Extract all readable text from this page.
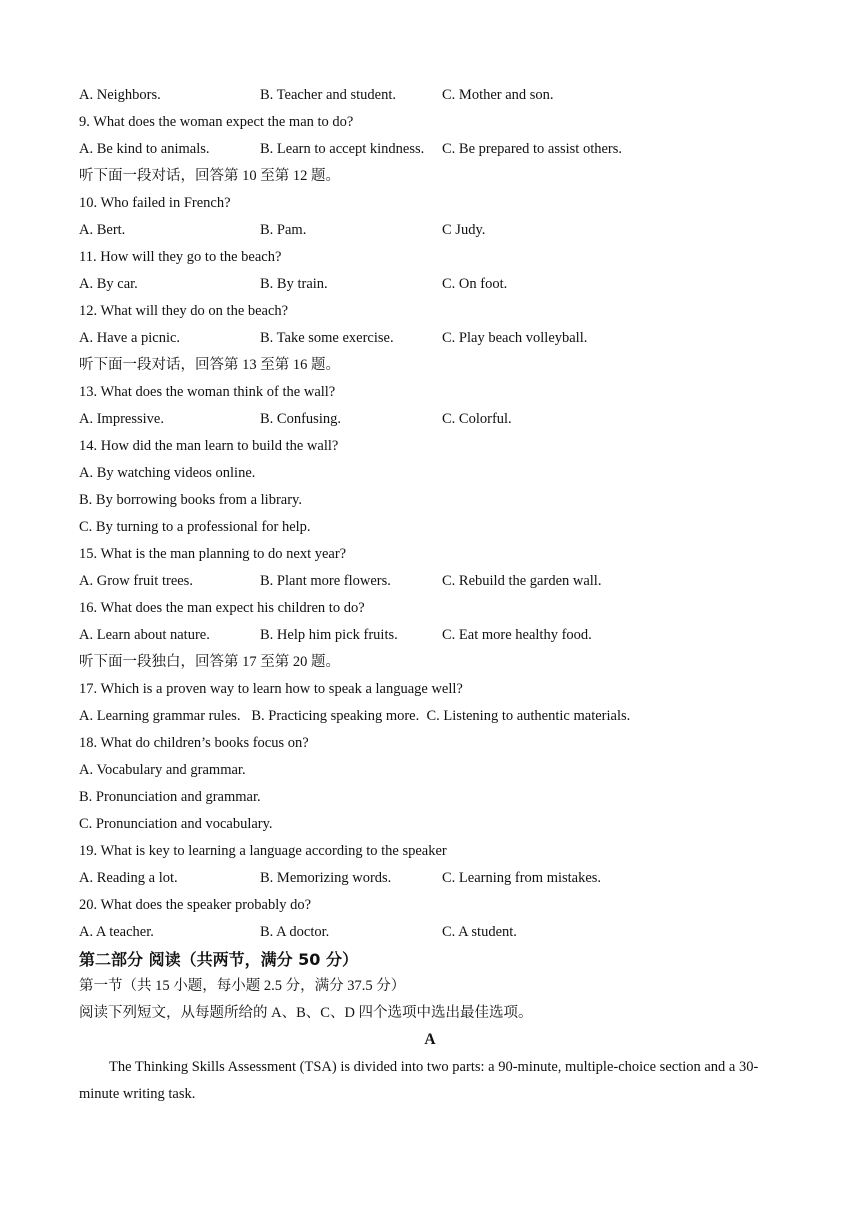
A. Neighbors.	B. Teacher and student.	C. Mother and son.
9. What does the woman expect the man to do?
A. Be kind to animals.	B. Learn to accept kindness. C. Be prepared to assist others.
听下面一段对话，回答第 10 至第 12 题。
10. Who failed in French?
A. Bert.	B. Pam.	C Judy.
11. How will they go to the beach?
A. By car.	B. By train.	C. On foot.
12. What will they do on the beach?
A. Have a picnic.	B. Take some exercise.	C. Play beach volleyball.
听下面一段对话，回答第 13 至第 16 题。
13. What does the woman think of the wall?
A. Impressive.	B. Confusing.	C. Colorful.
14. How did the man learn to build the wall?
A. By watching videos online.
B. By borrowing books from a library.
C. By turning to a professional for help.
15. What is the man planning to do next year?
A. Grow fruit trees.	B. Plant more flowers.	C. Rebuild the garden wall.
16. What does the man expect his children to do?
A. Learn about nature.	B. Help him pick fruits.	C. Eat more healthy food.
听下面一段独白，回答第 17 至第 20 题。
17. Which is a proven way to learn how to speak a language well?
A. Learning grammar rules.   B. Practicing speaking more.  C. Listening to authentic materials.
18. What do children’s books focus on?
A. Vocabulary and grammar.
B. Pronunciation and grammar.
C. Pronunciation and vocabulary.
19. What is key to learning a language according to the speaker
A. Reading a lot.	B. Memorizing words.	C. Learning from mistakes.
20. What does the speaker probably do?
A. A teacher.	B. A doctor.	C. A student.
第二部分 阅读（共两节，满分 50 分）
第一节（共 15 小题，每小题 2.5 分，满分 37.5 分）
阅读下列短文，从每题所给的 A、B、C、D 四个选项中选出最佳选项。
A
The Thinking Skills Assessment (TSA) is divided into two parts: a 90-minute, multiple-choice section and a 30-minute writing task.
